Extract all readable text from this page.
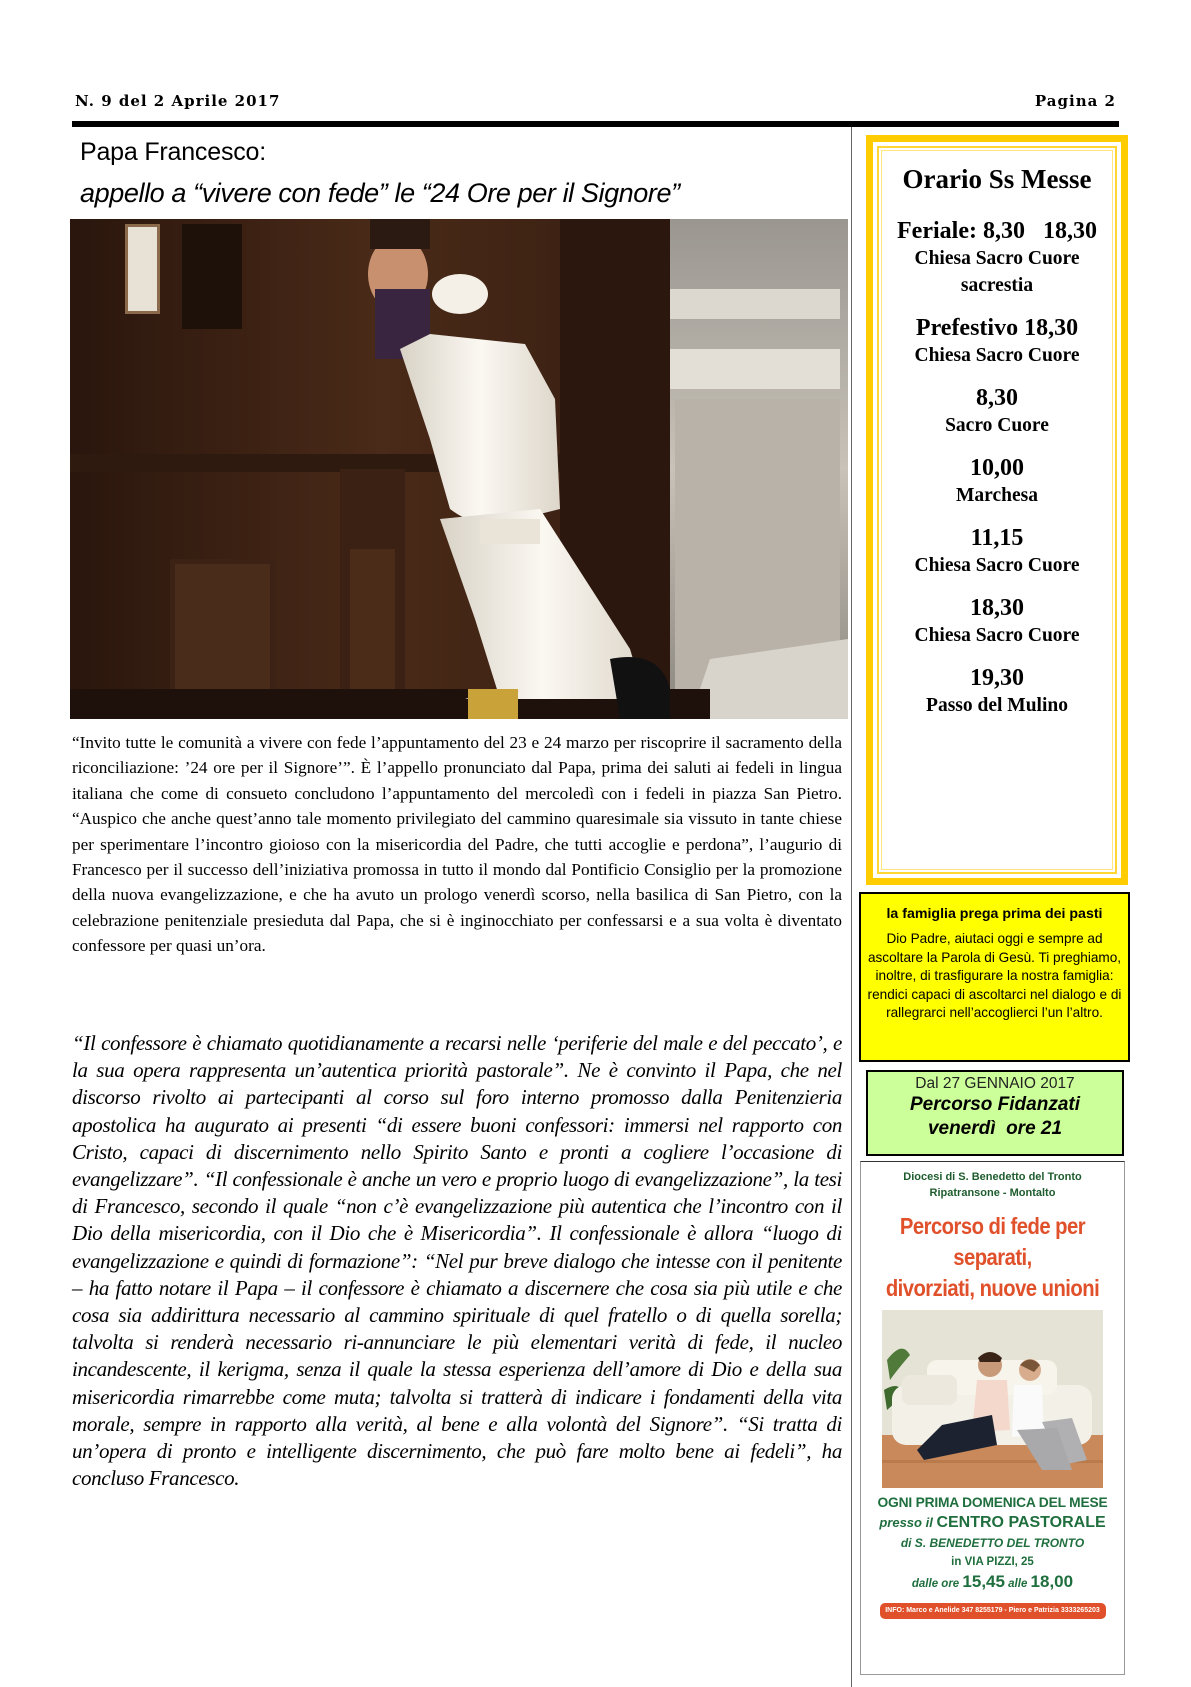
N. 9 del 2 Aprile 2017	Pagina 2
Papa Francesco:
appello a “vivere con fede” le “24 Ore per il Signore”
“Invito tutte le comunità a vivere con fede l’appuntamento del 23 e 24 marzo per riscoprire il sacramento della riconciliazione: ’24 ore per il Signore’”. È l’appello pronunciato dal Papa, prima dei saluti ai fedeli in lingua italiana che come di consueto concludono l’appuntamento del mercoledì con i fedeli in piazza San Pietro. “Auspico che anche quest’anno tale momento privilegiato del cammino quaresimale sia vissuto in tante chiese per sperimentare l’incontro gioioso con la misericordia del Padre, che tutti accoglie e perdona”, l’augurio di Francesco per il successo dell’iniziativa promossa in tutto il mondo dal Pontificio Consiglio per la promozione della nuova evangelizzazione, e che ha avuto un prologo venerdì scorso, nella basilica di San Pietro, con la celebrazione penitenziale presieduta dal Papa, che si è inginocchiato per confessarsi e a sua volta è diventato confessore per quasi un’ora.
“Il confessore è chiamato quotidianamente a recarsi nelle ‘periferie del male e del peccato’, e la sua opera rappresenta un’autentica priorità pastorale”. Ne è convinto il Papa, che nel discorso rivolto ai partecipanti al corso sul foro interno promosso dalla Penitenzieria apostolica ha augurato ai presenti “di essere buoni confessori: immersi nel rapporto con Cristo, capaci di discernimento nello Spirito Santo e pronti a cogliere l’occasione di evangelizzare”. “Il confessionale è anche un vero e proprio luogo di evangelizzazione”, la tesi di Francesco, secondo il quale “non c’è evangelizzazione più autentica che l’incontro con il Dio della misericordia, con il Dio che è Misericordia”. Il confessionale è allora “luogo di evangelizzazione e quindi di formazione”: “Nel pur breve dialogo che intesse con il penitente – ha fatto notare il Papa – il confessore è chiamato a discernere che cosa sia più utile e che cosa sia addirittura necessario al cammino spirituale di quel fratello o di quella sorella; talvolta si renderà necessario ri-annunciare le più elementari verità di fede, il nucleo incandescente, il kerigma, senza il quale la stessa esperienza dell’amore di Dio e della sua misericordia rimarrebbe come muta; talvolta si tratterà di indicare i fondamenti della vita morale, sempre in rapporto alla verità, al bene e alla volontà del Signore”. “Si tratta di un’opera di pronto e intelligente discernimento, che può fare molto bene ai fedeli”, ha concluso Francesco.
Orario Ss Messe
Feriale: 8,30   18,30
Chiesa Sacro Cuore
sacrestia
Prefestivo 18,30
Chiesa Sacro Cuore
8,30
Sacro Cuore
10,00
Marchesa
11,15
Chiesa Sacro Cuore
18,30
Chiesa Sacro Cuore
19,30
Passo del Mulino
la famiglia prega prima dei pasti
Dio Padre, aiutaci oggi e sempre ad ascoltare la Parola di Gesù. Ti preghiamo, inoltre, di trasfigurare la nostra famiglia: rendici capaci di ascoltarci nel dialogo e di rallegrarci nell’accoglierci l’un l’altro.
Dal 27 GENNAIO 2017
Percorso Fidanzati
venerdì  ore 21
Diocesi di S. Benedetto del Tronto
Ripatransone - Montalto
Percorso di fede per separati,
divorziati, nuove unioni
OGNI PRIMA DOMENICA DEL MESE
presso il CENTRO PASTORALE
di S. BENEDETTO DEL TRONTO
in VIA PIZZI, 25
dalle ore 15,45 alle 18,00
INFO: Marco e Anelide 347 8255179 - Piero e Patrizia 3333265203
